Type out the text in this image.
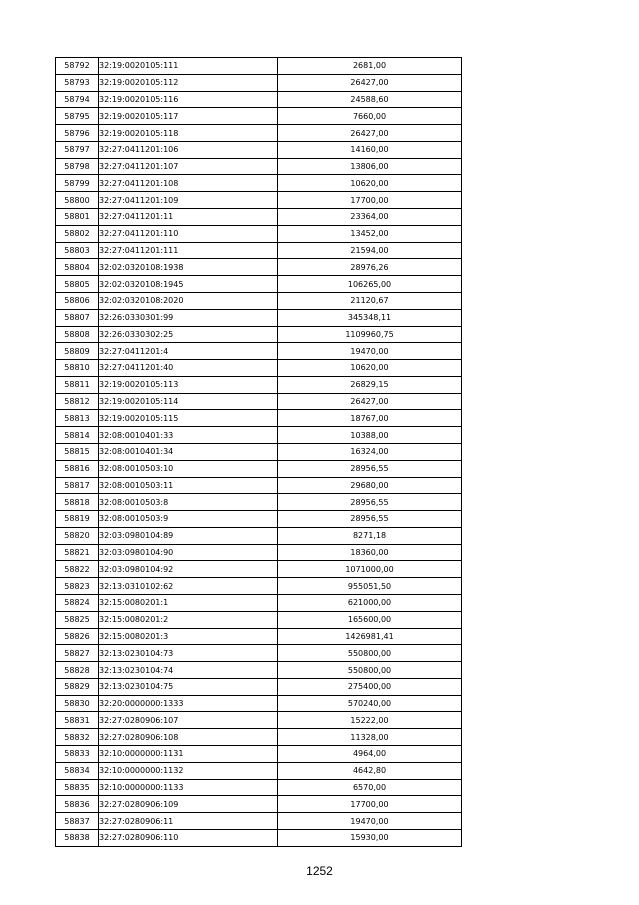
58792	32:19:0020105:111	2681,00
58793	32:19:0020105:112	26427,00
58794	32:19:0020105:116	24588,60
58795	32:19:0020105:117	7660,00
58796	32:19:0020105:118	26427,00
58797	32:27:0411201:106	14160,00
58798	32:27:0411201:107	13806,00
58799	32:27:0411201:108	10620,00
58800	32:27:0411201:109	17700,00
58801	32:27:0411201:11	23364,00
58802	32:27:0411201:110	13452,00
58803	32:27:0411201:111	21594,00
58804	32:02:0320108:1938	28976,26
58805	32:02:0320108:1945	106265,00
58806	32:02:0320108:2020	21120,67
58807	32:26:0330301:99	345348,11
58808	32:26:0330302:25	1109960,75
58809	32:27:0411201:4	19470,00
58810	32:27:0411201:40	10620,00
58811	32:19:0020105:113	26829,15
58812	32:19:0020105:114	26427,00
58813	32:19:0020105:115	18767,00
58814	32:08:0010401:33	10388,00
58815	32:08:0010401:34	16324,00
58816	32:08:0010503:10	28956,55
58817	32:08:0010503:11	29680,00
58818	32:08:0010503:8	28956,55
58819	32:08:0010503:9	28956,55
58820	32:03:0980104:89	8271,18
58821	32:03:0980104:90	18360,00
58822	32:03:0980104:92	1071000,00
58823	32:13:0310102:62	955051,50
58824	32:15:0080201:1	621000,00
58825	32:15:0080201:2	165600,00
58826	32:15:0080201:3	1426981,41
58827	32:13:0230104:73	550800,00
58828	32:13:0230104:74	550800,00
58829	32:13:0230104:75	275400,00
58830	32:20:0000000:1333	570240,00
58831	32:27:0280906:107	15222,00
58832	32:27:0280906:108	11328,00
58833	32:10:0000000:1131	4964,00
58834	32:10:0000000:1132	4642,80
58835	32:10:0000000:1133	6570,00
58836	32:27:0280906:109	17700,00
58837	32:27:0280906:11	19470,00
58838	32:27:0280906:110	15930,00
1252
